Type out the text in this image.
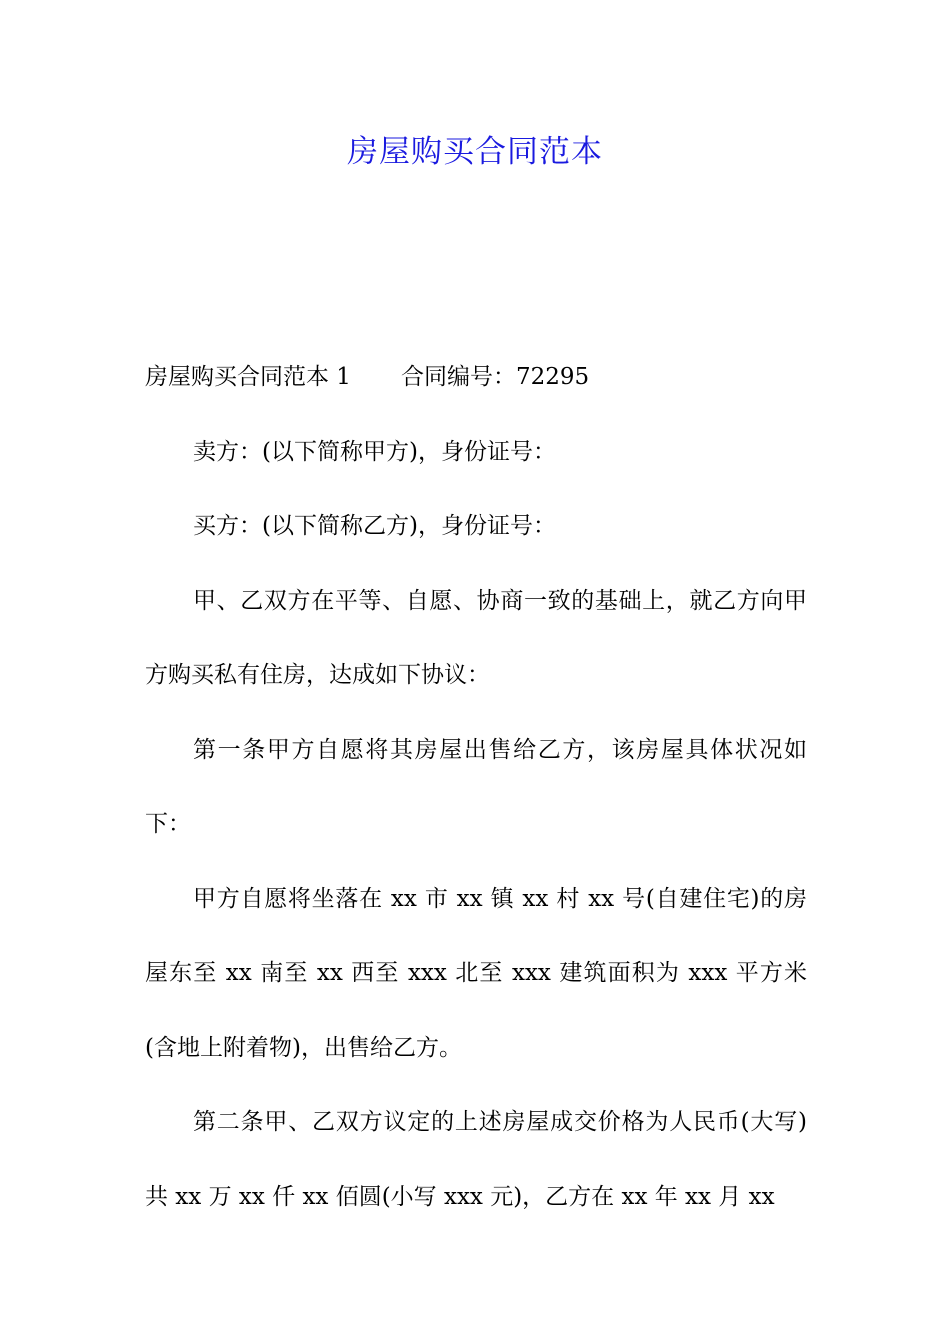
房屋购买合同范本

房屋购买合同范本 1 合同编号：72295

卖方：(以下简称甲方)，身份证号：

买方：(以下简称乙方)，身份证号：

甲、乙双方在平等、自愿、协商一致的基础上，就乙方向甲方购买私有住房，达成如下协议：

第一条甲方自愿将其房屋出售给乙方，该房屋具体状况如下：

甲方自愿将坐落在 xx 市 xx 镇 xx 村 xx 号(自建住宅)的房屋东至 xx 南至 xx 西至 xxx 北至 xxx 建筑面积为 xxx 平方米(含地上附着物)，出售给乙方。

第二条甲、乙双方议定的上述房屋成交价格为人民币(大写)共 xx 万 xx 仟 xx 佰圆(小写 xxx 元)，乙方在 xx 年 xx 月 xx
